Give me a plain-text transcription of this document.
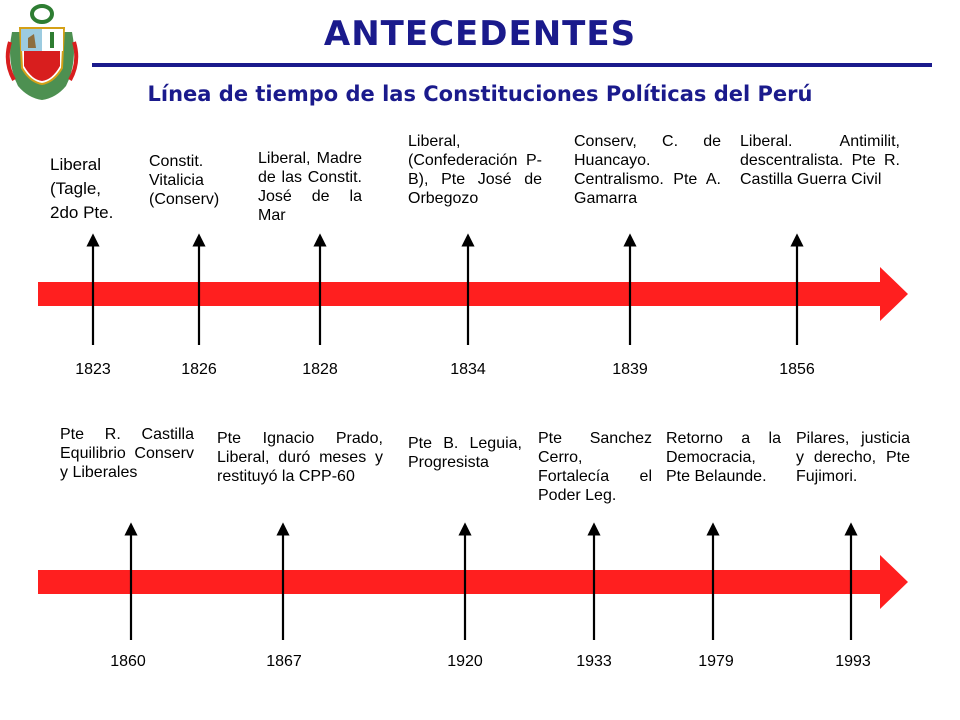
ANTECEDENTES
Línea de tiempo de las Constituciones Políticas del Perú

Liberal
(Tagle,
2do Pte.

Constit.
Vitalicia
(Conserv)

Liberal, Madre de las Constit. José de la Mar

Liberal, (Confederación P-B), Pte José de Orbegozo

Conserv, C. de Huancayo. Centralismo. Pte A. Gamarra

Liberal. Antimilit, descentralista. Pte R. Castilla Guerra Civil

1823	1826	1828	1834	1839	1856

Pte R. Castilla Equilibrio Conserv y Liberales

Pte Ignacio Prado, Liberal, duró meses y restituyó la CPP-60

Pte B. Leguia, Progresista

Pte Sanchez Cerro, Fortalecía el Poder Leg.

Retorno a la Democracia, Pte Belaunde.

Pilares, justicia y derecho, Pte Fujimori.

1860	1867	1920	1933	1979	1993
